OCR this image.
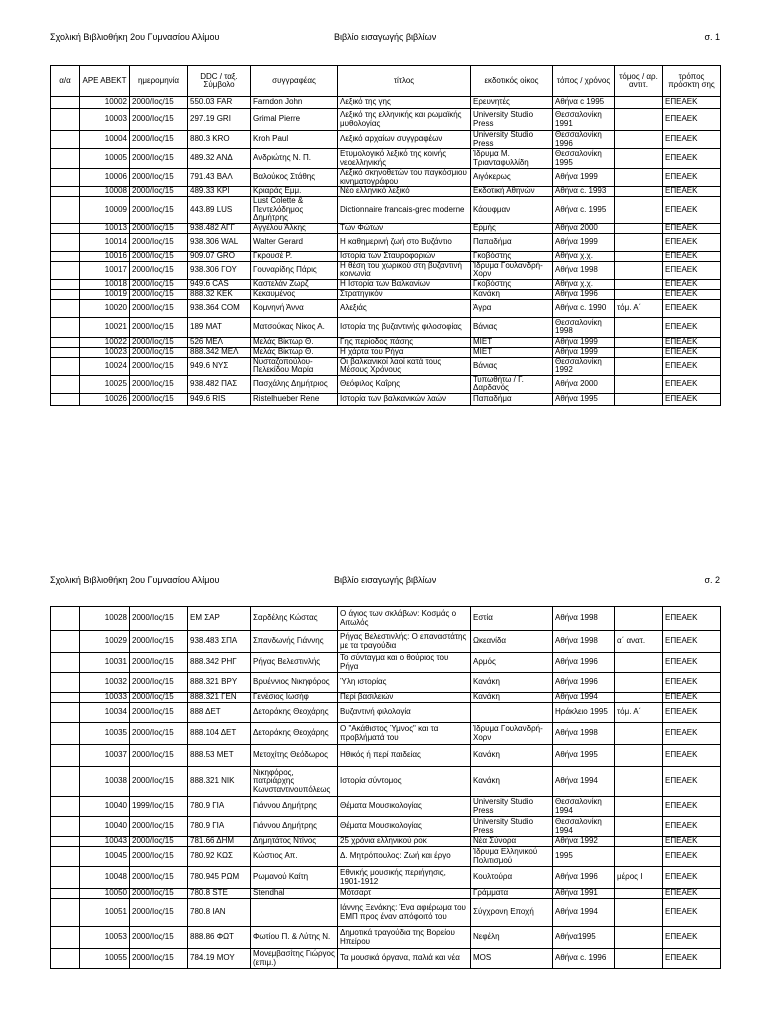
Σχολική Βιβλιοθήκη 2ου Γυμνασίου Αλίμου	Βιβλίο εισαγωγής βιβλίων	σ. 1
α/α	ΑΡΕ ΑΒΕΚΤ	ημερομηνία	DDC / ταξ. Σύμβολο	συγγραφέας	τίτλος	εκδοτικός οίκος	τόπος / χρόνος	τόμος / αρ. αντιτ.	τρόπος πρόσκτη σης
	10002	2000/Ιος/15	550.03 FAR	Farndon John	Λεξικό της γης	Ερευνητές	Αθήνα c 1995		ΕΠΕΑΕΚ
	10003	2000/Ιος/15	297.19 GRI	Grimal Pierre	Λεξικό της ελληνικής και ρωμαϊκής μυθολογίας	University Studio Press	Θεσσαλονίκη 1991		ΕΠΕΑΕΚ
	10004	2000/Ιος/15	880.3 KRO	Kroh Paul	Λεξικό αρχαίων συγγραφέων	University Studio Press	Θεσσαλονίκη 1996		ΕΠΕΑΕΚ
	10005	2000/Ιος/15	489.32 ΑΝΔ	Ανδριώτης Ν. Π.	Ετυμολογικό λεξικό της κοινής νεοελληνικής	Ίδρυμα Μ. Τριανταφυλλίδη	Θεσσαλονίκη 1995		ΕΠΕΑΕΚ
	10006	2000/Ιος/15	791.43 ΒΑΛ	Βαλούκος Στάθης	Λεξικό σκηνοθετών του παγκόσμιου κινηματογράφου	Αιγόκερως	Αθήνα 1999		ΕΠΕΑΕΚ
	10008	2000/Ιος/15	489.33 ΚΡΙ	Κριαράς Εμμ.	Νέο ελληνικό λεξικό	Εκδοτική Αθηνών	Αθήνα c. 1993		ΕΠΕΑΕΚ
	10009	2000/Ιος/15	443.89 LUS	Lust Colette & Πεντελόδημος Δημήτρης	Dictionnaire francais-grec moderne	Κάουφμαν	Αθήνα c. 1995		ΕΠΕΑΕΚ
	10013	2000/Ιος/15	938.482 ΑΓΓ	Αγγέλου Άλκης	Των Φώτων	Ερμής	Αθήνα 2000		ΕΠΕΑΕΚ
	10014	2000/Ιος/15	938.306 WAL	Walter Gerard	Η καθημερινή ζωή στο Βυζάντιο	Παπαδήμα	Αθήνα 1999		ΕΠΕΑΕΚ
	10016	2000/Ιος/15	909.07 GRO	Γκρουσέ Ρ.	Ιστορία των Σταυροφοριών	Γκοβόστης	Αθήνα χ.χ.		ΕΠΕΑΕΚ
	10017	2000/Ιος/15	938.306 ΓΟΥ	Γουναρίδης Πάρις	Η θέση του χωρικού στη βυζαντινή κοινωνία	Ίδρυμα Γουλανδρή-Χορν	Αθήνα 1998		ΕΠΕΑΕΚ
	10018	2000/Ιος/15	949.6 CAS	Καστελάν Ζωρζ	Η Ιστορία των Βαλκανίων	Γκοβόστης	Αθήνα χ.χ.		ΕΠΕΑΕΚ
	10019	2000/Ιος/15	888.32 ΚΕΚ	Κεκαυμένος	Στρατηγικόν	Κανάκη	Αθήνα 1996		ΕΠΕΑΕΚ
	10020	2000/Ιος/15	938.364 COM	Κομνηνή Άννα	Αλεξιάς	Άγρα	Αθήνα c. 1990	τόμ. Α΄	ΕΠΕΑΕΚ
	10021	2000/Ιος/15	189 ΜΑΤ	Ματσούκας Νίκος Α.	Ιστορία της βυζαντινής φιλοσοφίας	Βάνιας	Θεσσαλονίκη 1998		ΕΠΕΑΕΚ
	10022	2000/Ιος/15	526 ΜΕΛ	Μελάς Βίκτωρ Θ.	Γης περίοδος πάσης	ΜΙΕΤ	Αθήνα 1999		ΕΠΕΑΕΚ
	10023	2000/Ιος/15	888.342 ΜΕΛ	Μελάς Βίκτωρ Θ.	Η χάρτα του Ρήγα	ΜΙΕΤ	Αθήνα 1999		ΕΠΕΑΕΚ
	10024	2000/Ιος/15	949.6 ΝΥΣ	Νυσταζοπούλου-Πελεκίδου Μαρία	Οι βαλκανικοί λαοί κατά τους Μέσους Χρόνους	Βάνιας	Θεσσαλονίκη 1992		ΕΠΕΑΕΚ
	10025	2000/Ιος/15	938.482 ΠΑΣ	Πασχάλης Δημήτριος	Θεόφιλος Καΐρης	Τυπωθήτω / Γ. Δαρδανός	Αθήνα 2000		ΕΠΕΑΕΚ
	10026	2000/Ιος/15	949.6 RIS	Ristelhueber Rene	Ιστορία των βαλκανικών λαών	Παπαδήμα	Αθήνα 1995		ΕΠΕΑΕΚ
Σχολική Βιβλιοθήκη 2ου Γυμνασίου Αλίμου	Βιβλίο εισαγωγής βιβλίων	σ. 2
	10028	2000/Ιος/15	ΕΜ ΣΑΡ	Σαρδέλης Κώστας	Ο άγιος των σκλάβων: Κοσμάς ο Αιτωλός	Εστία	Αθήνα 1998		ΕΠΕΑΕΚ
	10029	2000/Ιος/15	938.483 ΣΠΑ	Σπανδωνής Γιάννης	Ρήγας Βελεστινλής: Ο επαναστάτης με τα τραγούδια	Ωκεανίδα	Αθήνα 1998	α΄ ανατ.	ΕΠΕΑΕΚ
	10031	2000/Ιος/15	888.342 ΡΗΓ	Ρήγας Βελεστινλής	Το σύνταγμα και ο θούριος του Ρήγα	Αρμός	Αθήνα 1996		ΕΠΕΑΕΚ
	10032	2000/Ιος/15	888.321 ΒΡΥ	Βρυέννιος Νικηφόρος	Ύλη ιστορίας	Κανάκη	Αθήνα 1996		ΕΠΕΑΕΚ
	10033	2000/Ιος/15	888.321 ΓΕΝ	Γενέσιος Ιωσήφ	Περί βασιλειών	Κανάκη	Αθήνα 1994		ΕΠΕΑΕΚ
	10034	2000/Ιος/15	888 ΔΕΤ	Δετοράκης Θεοχάρης	Βυζαντινή φιλολογία		Ηράκλειο 1995	τόμ. Α΄	ΕΠΕΑΕΚ
	10035	2000/Ιος/15	888.104 ΔΕΤ	Δετοράκης Θεοχάρης	Ο "Ακάθιστος Ύμνος" και τα προβλήματά του	Ίδρυμα Γουλανδρή-Χορν	Αθήνα 1998		ΕΠΕΑΕΚ
	10037	2000/Ιος/15	888.53 ΜΕΤ	Μετοχίτης Θεόδωρος	Ηθικός ή περί παιδείας	Κανάκη	Αθήνα 1995		ΕΠΕΑΕΚ
	10038	2000/Ιος/15	888.321 ΝΙΚ	Νικηφόρος, πατριάρχης Κωνσταντινουπόλεως	Ιστορία σύντομος	Κανάκη	Αθήνα 1994		ΕΠΕΑΕΚ
	10040	1999/Ιος/15	780.9 ΓΙΑ	Γιάννου Δημήτρης	Θέματα Μουσικολογίας	University Studio Press	Θεσσαλονίκη 1994		ΕΠΕΑΕΚ
	10040	2000/Ιος/15	780.9 ΓΙΑ	Γιάννου Δημήτρης	Θέματα Μουσικολογίας	University Studio Press	Θεσσαλονίκη 1994		ΕΠΕΑΕΚ
	10043	2000/Ιος/15	781.66 ΔΗΜ	Δημητάτος Ντίνος	25 χρόνια ελληνικού ροκ	Νέα Σύνορα	Αθήνα 1992		ΕΠΕΑΕΚ
	10045	2000/Ιος/15	780.92 ΚΩΣ	Κώστιος Απ.	Δ. Μητρόπουλος: Ζωή και έργο	Ίδρυμα Ελληνικού Πολιτισμού	1995		ΕΠΕΑΕΚ
	10048	2000/Ιος/15	780.945 ΡΩΜ	Ρωμανού Καίτη	Εθνικής μουσικής περιήγησις, 1901-1912	Κουλτούρα	Αθήνα 1996	μέρος Ι	ΕΠΕΑΕΚ
	10050	2000/Ιος/15	780.8 STE	Stendhal	Μότσαρτ	Γράμματα	Αθήνα 1991		ΕΠΕΑΕΚ
	10051	2000/Ιος/15	780.8 ΙΑΝ		Ιάννης Ξενάκης: Ένα αφιέρωμα του ΕΜΠ προς έναν απόφοιτό του	Σύγχρονη Εποχή	Αθήνα 1994		ΕΠΕΑΕΚ
	10053	2000/Ιος/15	888.86 ΦΩΤ	Φωτίου Π. & Λύτης Ν.	Δημοτικά τραγούδια της Βορείου Ηπείρου	Νεφέλη	Αθήνα1995		ΕΠΕΑΕΚ
	10055	2000/Ιος/15	784.19 ΜΟΥ	Μονεμβασίτης Γιώργος (επιμ.)	Τα μουσικά όργανα, παλιά και νέα	MOS	Αθήνα c. 1996		ΕΠΕΑΕΚ
